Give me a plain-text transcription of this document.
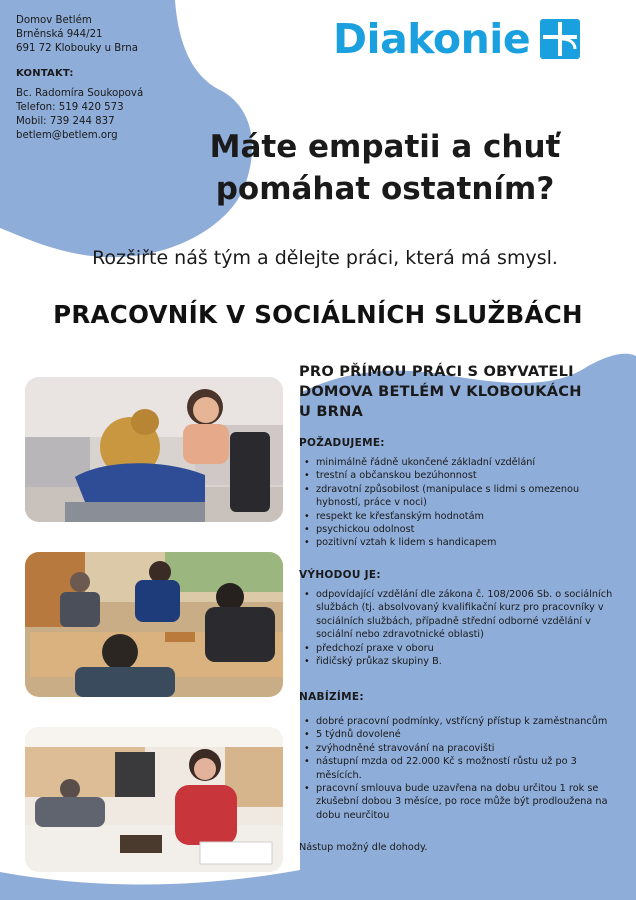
Domov Betlém
Brněnská 944/21
691 72 Klobouky u Brna
KONTAKT:
Bc. Radomíra Soukopová
Telefon: 519 420 573
Mobil: 739 244 837
betlem@betlem.org
Diakonie
Máte empatii a chuť
pomáhat ostatním?
Rozšiřte náš tým a dělejte práci, která má smysl.
PRACOVNÍK V SOCIÁLNÍCH SLUŽBÁCH
PRO PŘÍMOU PRÁCI S OBYVATELI
DOMOVA BETLÉM V KLOBOUKÁCH
U BRNA
POŽADUJEME:
• minimálně řádně ukončené základní vzdělání
• trestní a občanskou bezúhonnost
• zdravotní způsobilost (manipulace s lidmi s omezenou hybností, práce v noci)
• respekt ke křesťanským hodnotám
• psychickou odolnost
• pozitivní vztah k lidem s handicapem
VÝHODOU JE:
• odpovídající vzdělání dle zákona č. 108/2006 Sb. o sociálních službách (tj. absolvovaný kvalifikační kurz pro pracovníky v sociálních službách, případně střední odborné vzdělání v sociální nebo zdravotnické oblasti)
• předchozí praxe v oboru
• řidičský průkaz skupiny B.
NABÍZÍME:
• dobré pracovní podmínky, vstřícný přístup k zaměstnancům
• 5 týdnů dovolené
• zvýhodněné stravování na pracovišti
• nástupní mzda od 22.000 Kč s možností růstu už po 3 měsících.
• pracovní smlouva bude uzavřena na dobu určitou 1 rok se zkušební dobou 3 měsíce, po roce může být prodloužena na dobu neurčitou
Nástup možný dle dohody.
